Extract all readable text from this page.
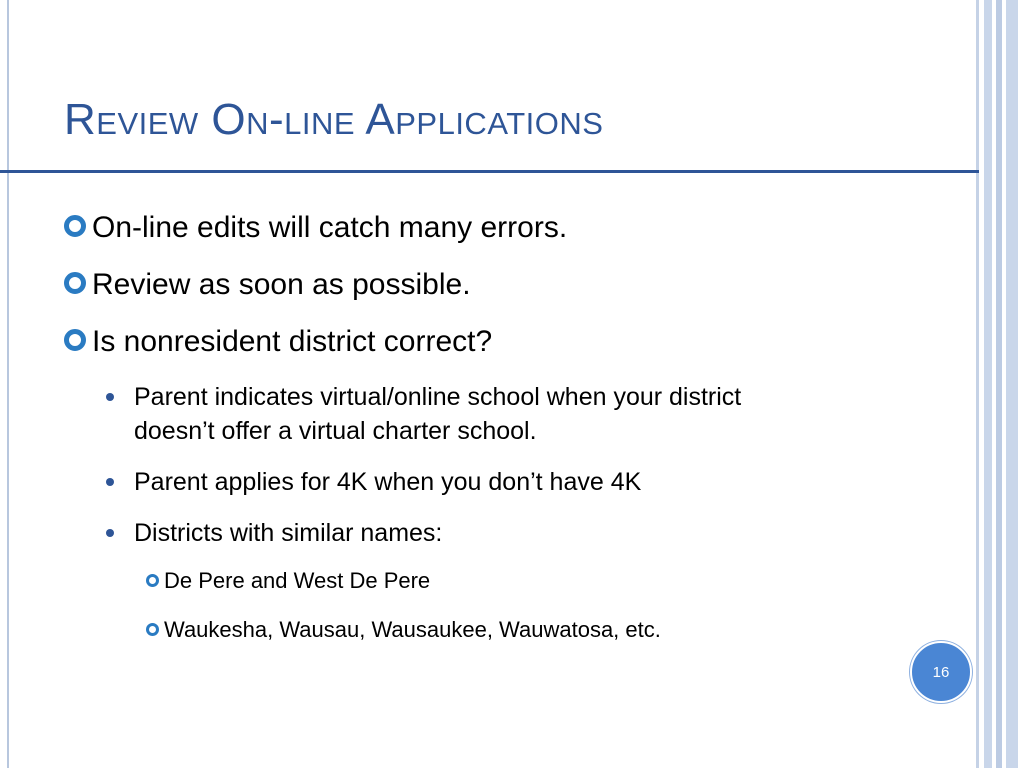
Review On-line Applications
On-line edits will catch many errors.
Review as soon as possible.
Is nonresident district correct?
Parent indicates virtual/online school when your district doesn’t offer a virtual charter school.
Parent applies for 4K when you don’t have 4K
Districts with similar names:
De Pere and West De Pere
Waukesha, Wausau, Wausaukee, Wauwatosa, etc.
16
